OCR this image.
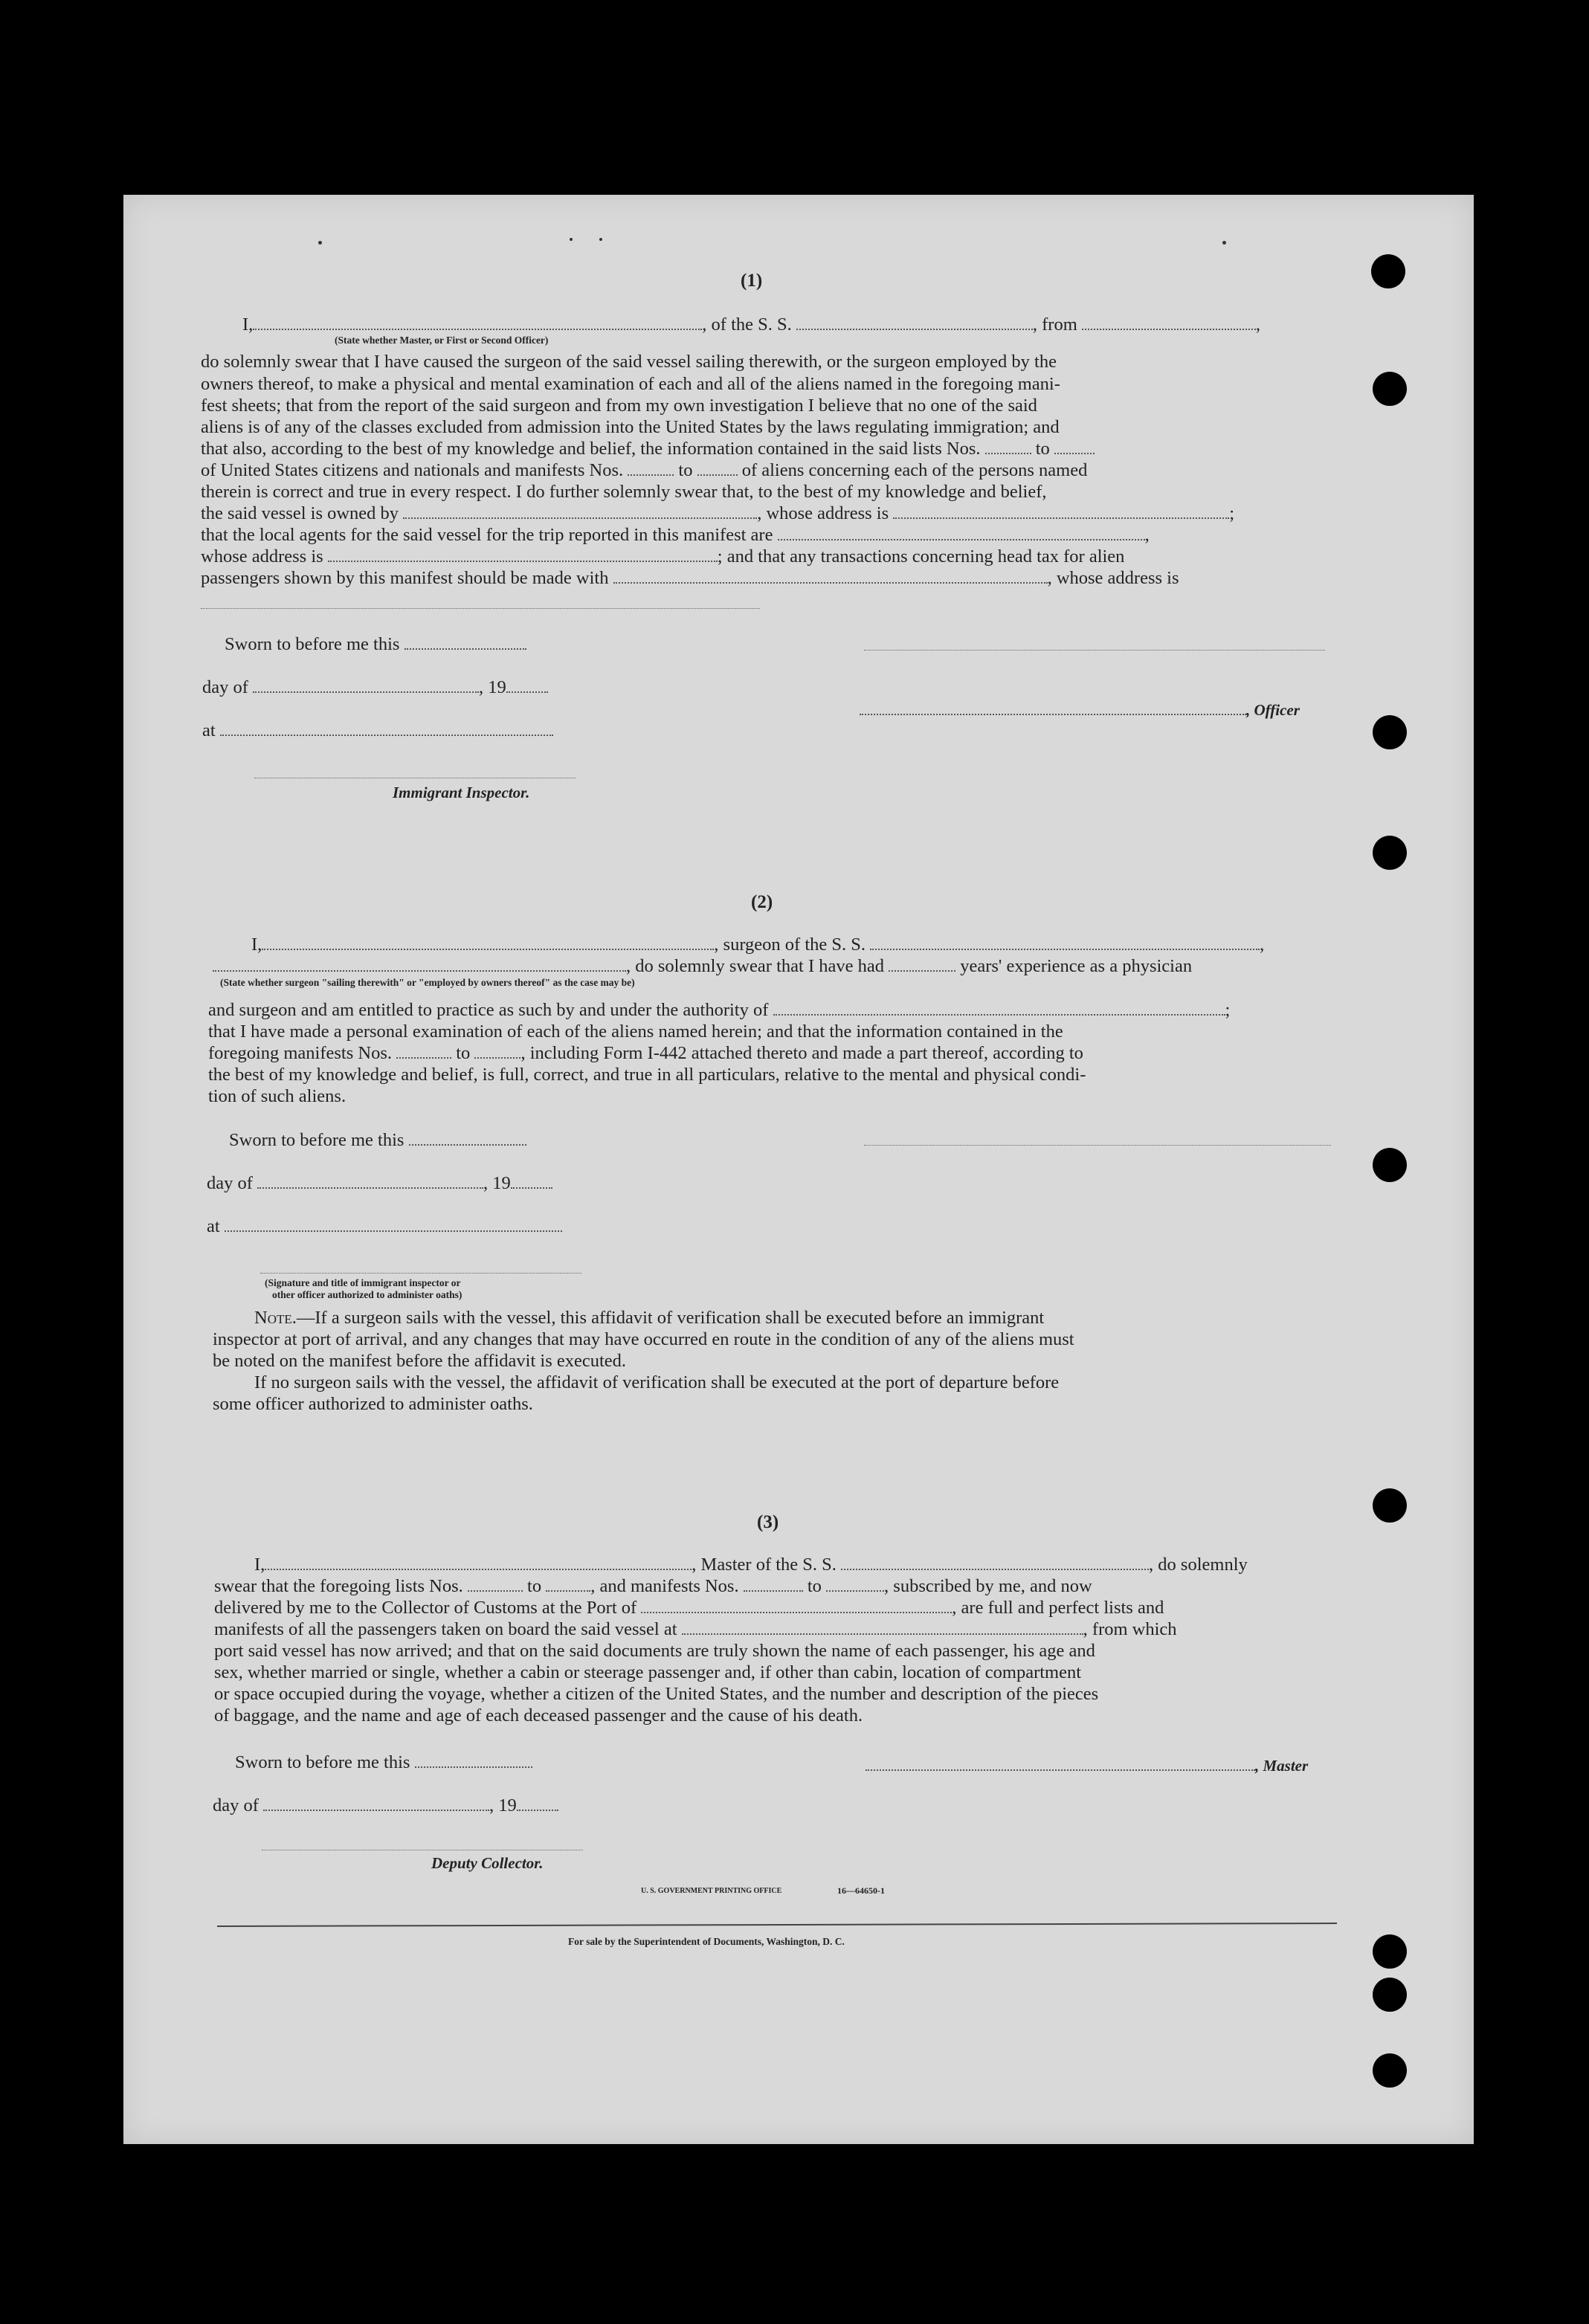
(1)
I,	, of the S. S.	, from	,
(State whether Master, or First or Second Officer)
do solemnly swear that I have caused the surgeon of the said vessel sailing therewith, or the surgeon employed by the
owners thereof, to make a physical and mental examination of each and all of the aliens named in the foregoing mani-
fest sheets; that from the report of the said surgeon and from my own investigation I believe that no one of the said
aliens is of any of the classes excluded from admission into the United States by the laws regulating immigration; and
that also, according to the best of my knowledge and belief, the information contained in the said lists Nos.	to
of United States citizens and nationals and manifests Nos.	to	of aliens concerning each of the persons named
therein is correct and true in every respect. I do further solemnly swear that, to the best of my knowledge and belief,
the said vessel is owned by	, whose address is	;
that the local agents for the said vessel for the trip reported in this manifest are	,
whose address is	; and that any transactions concerning head tax for alien
passengers shown by this manifest should be made with	, whose address is
Sworn to before me this
day of	, 19
at
Immigrant Inspector.
, Officer
(2)
I,	, surgeon of the S. S.	,
, do solemnly swear that I have had	years' experience as a physician
(State whether surgeon "sailing therewith" or "employed by owners thereof" as the case may be)
and surgeon and am entitled to practice as such by and under the authority of	;
that I have made a personal examination of each of the aliens named herein; and that the information contained in the
foregoing manifests Nos.	to	, including Form I-442 attached thereto and made a part thereof, according to
the best of my knowledge and belief, is full, correct, and true in all particulars, relative to the mental and physical condi-
tion of such aliens.
Sworn to before me this
day of	, 19
at
(Signature and title of immigrant inspector or
other officer authorized to administer oaths)
Note.—If a surgeon sails with the vessel, this affidavit of verification shall be executed before an immigrant
inspector at port of arrival, and any changes that may have occurred en route in the condition of any of the aliens must
be noted on the manifest before the affidavit is executed.
If no surgeon sails with the vessel, the affidavit of verification shall be executed at the port of departure before
some officer authorized to administer oaths.
(3)
I,	, Master of the S. S.	, do solemnly
swear that the foregoing lists Nos.	to	, and manifests Nos.	to	, subscribed by me, and now
delivered by me to the Collector of Customs at the Port of	, are full and perfect lists and
manifests of all the passengers taken on board the said vessel at	, from which
port said vessel has now arrived; and that on the said documents are truly shown the name of each passenger, his age and
sex, whether married or single, whether a cabin or steerage passenger and, if other than cabin, location of compartment
or space occupied during the voyage, whether a citizen of the United States, and the number and description of the pieces
of baggage, and the name and age of each deceased passenger and the cause of his death.
Sworn to before me this
day of	, 19
Deputy Collector.
, Master
U. S. GOVERNMENT PRINTING OFFICE	16—64650-1
For sale by the Superintendent of Documents, Washington, D. C.
